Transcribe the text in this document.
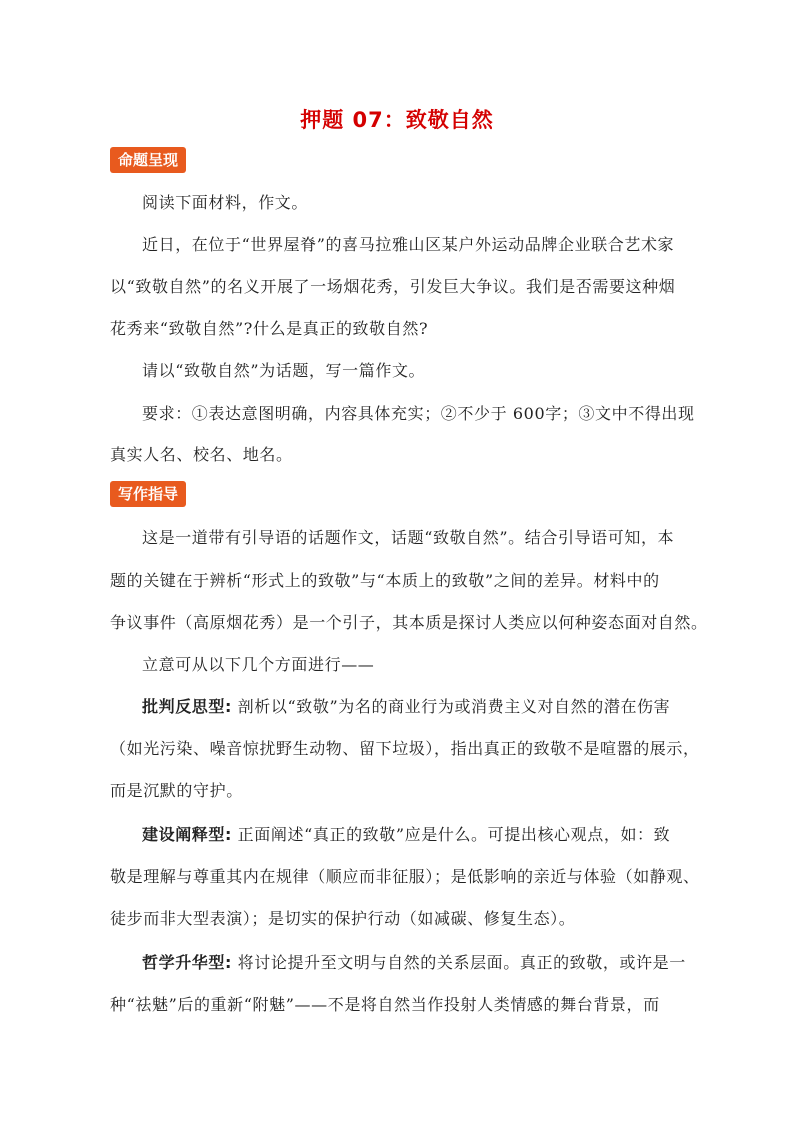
押题 07：致敬自然
命题呈现
阅读下面材料，作文。
近日，在位于“世界屋脊”的喜马拉雅山区某户外运动品牌企业联合艺术家
以“致敬自然”的名义开展了一场烟花秀，引发巨大争议。我们是否需要这种烟
花秀来“致敬自然”?什么是真正的致敬自然?
请以“致敬自然”为话题，写一篇作文。
要求：①表达意图明确，内容具体充实；②不少于 600字；③文中不得出现
真实人名、校名、地名。
写作指导
这是一道带有引导语的话题作文，话题“致敬自然”。结合引导语可知，本
题的关键在于辨析“形式上的致敬”与“本质上的致敬”之间的差异。材料中的
争议事件（高原烟花秀）是一个引子，其本质是探讨人类应以何种姿态面对自然。
立意可从以下几个方面进行——
批判反思型: 剖析以“致敬”为名的商业行为或消费主义对自然的潜在伤害
（如光污染、噪音惊扰野生动物、留下垃圾），指出真正的致敬不是喧嚣的展示，
而是沉默的守护。
建设阐释型: 正面阐述“真正的致敬”应是什么。可提出核心观点，如：致
敬是理解与尊重其内在规律（顺应而非征服）；是低影响的亲近与体验（如静观、
徒步而非大型表演）；是切实的保护行动（如减碳、修复生态）。
哲学升华型: 将讨论提升至文明与自然的关系层面。真正的致敬，或许是一
种“祛魅”后的重新“附魅”——不是将自然当作投射人类情感的舞台背景，而
